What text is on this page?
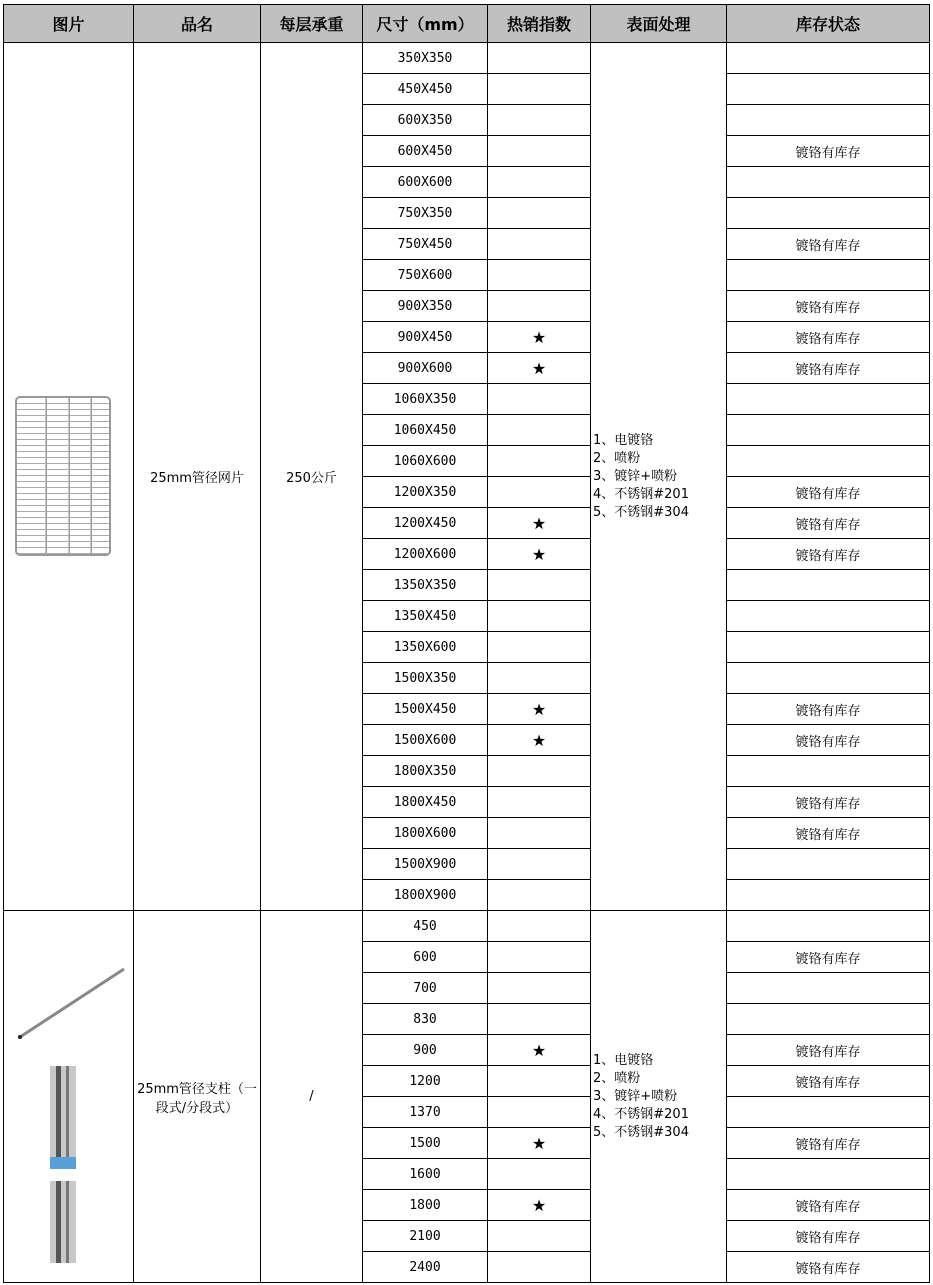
图片	品名	每层承重	尺寸（mm）	热销指数	表面处理	库存状态

	25mm管径网片	250公斤	350X350		1、电镀铬
2、喷粉
3、镀锌+喷粉
4、不锈钢#201
5、不锈钢#304	

			450X450			
			600X350			
			600X450			镀铬有库存
			600X600			
			750X350			
			750X450			镀铬有库存
			750X600			
			900X350			镀铬有库存
			900X450	★		镀铬有库存
			900X600	★		镀铬有库存
			1060X350			
			1060X450			
			1060X600			
			1200X350			镀铬有库存
			1200X450	★		镀铬有库存
			1200X600	★		镀铬有库存
			1350X350			
			1350X450			
			1350X600			
			1500X350			
			1500X450	★		镀铬有库存
			1500X600	★		镀铬有库存
			1800X350			
			1800X450			镀铬有库存
			1800X600			镀铬有库存
			1500X900			
			1800X900			

	25mm管径支柱（一段式/分段式）	/	450		1、电镀铬
2、喷粉
3、镀锌+喷粉
4、不锈钢#201
5、不锈钢#304	

			600			镀铬有库存
			700			
			830			
			900	★		镀铬有库存
			1200			镀铬有库存
			1370			
			1500	★		镀铬有库存
			1600			
			1800	★		镀铬有库存
			2100			镀铬有库存
			2400			镀铬有库存
